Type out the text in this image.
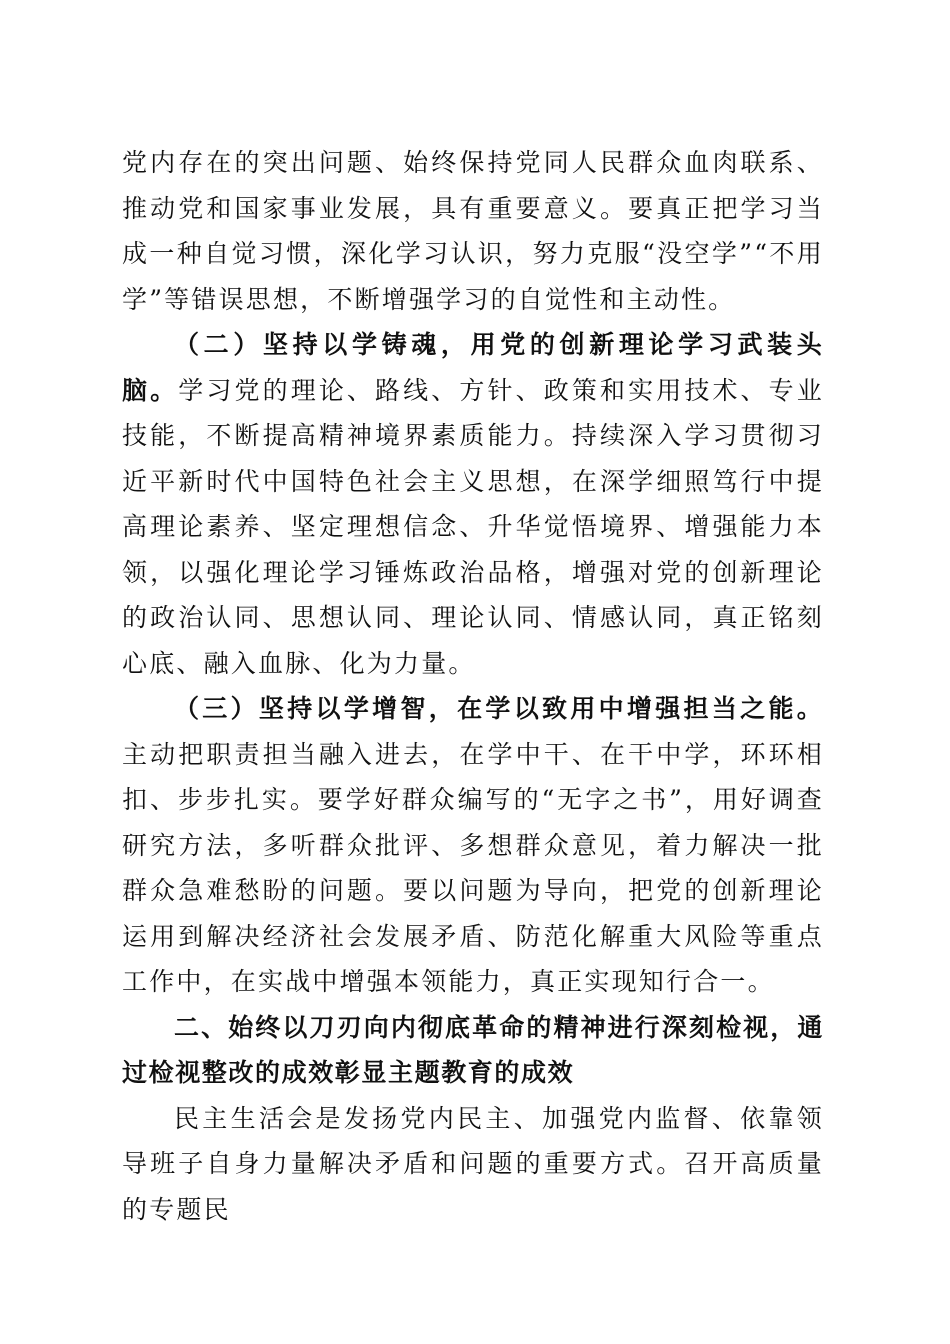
党内存在的突出问题、始终保持党同人民群众血肉联系、推动党和国家事业发展，具有重要意义。要真正把学习当成一种自觉习惯，深化学习认识，努力克服“没空学”“不用学”等错误思想，不断增强学习的自觉性和主动性。

（二）坚持以学铸魂，用党的创新理论学习武装头脑。学习党的理论、路线、方针、政策和实用技术、专业技能，不断提高精神境界素质能力。持续深入学习贯彻习近平新时代中国特色社会主义思想，在深学细照笃行中提高理论素养、坚定理想信念、升华觉悟境界、增强能力本领，以强化理论学习锤炼政治品格，增强对党的创新理论的政治认同、思想认同、理论认同、情感认同，真正铭刻心底、融入血脉、化为力量。

（三）坚持以学增智，在学以致用中增强担当之能。主动把职责担当融入进去，在学中干、在干中学，环环相扣、步步扎实。要学好群众编写的“无字之书”，用好调查研究方法，多听群众批评、多想群众意见，着力解决一批群众急难愁盼的问题。要以问题为导向，把党的创新理论运用到解决经济社会发展矛盾、防范化解重大风险等重点工作中，在实战中增强本领能力，真正实现知行合一。

二、始终以刀刃向内彻底革命的精神进行深刻检视，通过检视整改的成效彰显主题教育的成效

民主生活会是发扬党内民主、加强党内监督、依靠领导班子自身力量解决矛盾和问题的重要方式。召开高质量的专题民
